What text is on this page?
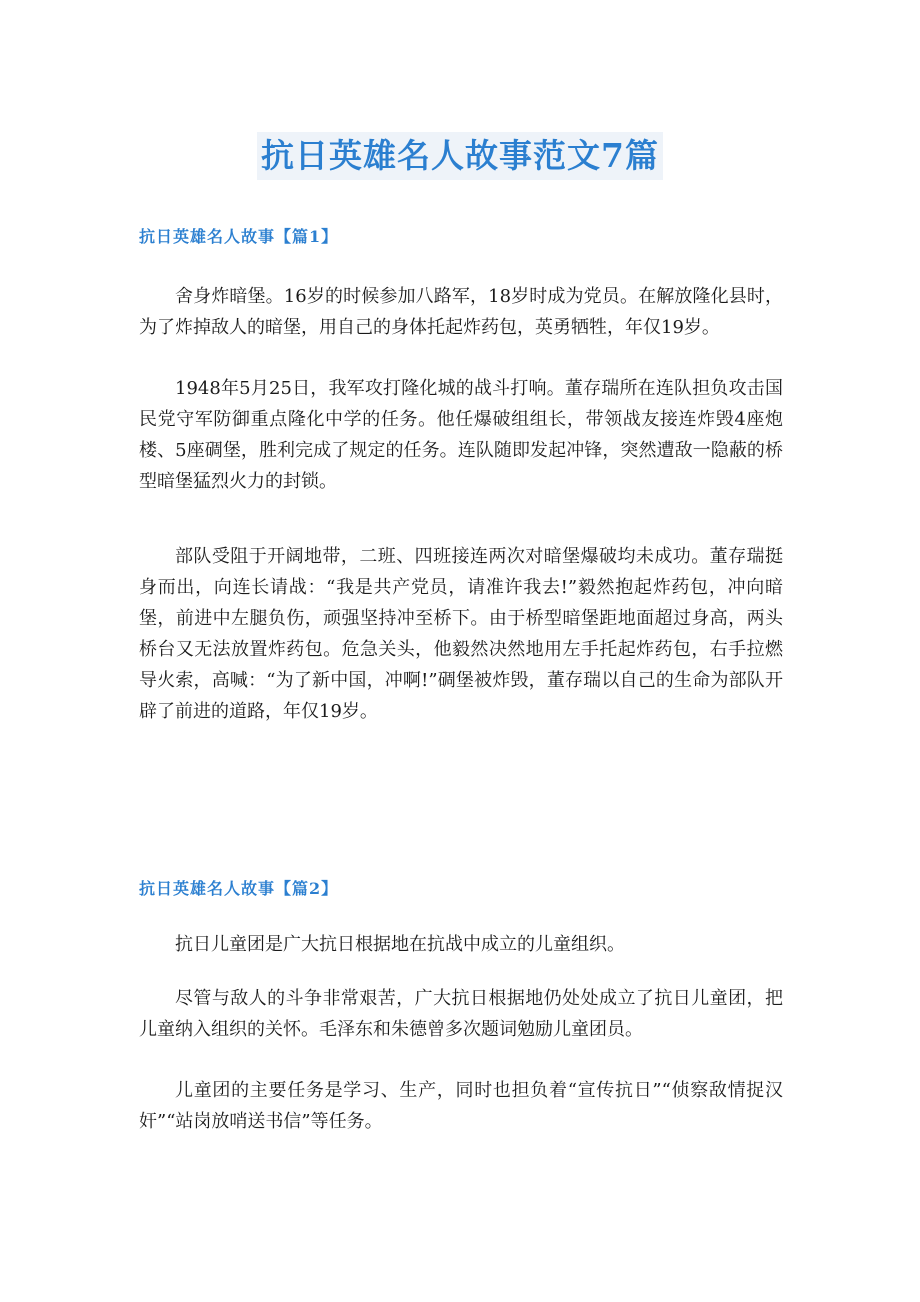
抗日英雄名人故事范文7篇
抗日英雄名人故事【篇1】

舍身炸暗堡。16岁的时候参加八路军，18岁时成为党员。在解放隆化县时，为了炸掉敌人的暗堡，用自己的身体托起炸药包，英勇牺牲，年仅19岁。

1948年5月25日，我军攻打隆化城的战斗打响。董存瑞所在连队担负攻击国民党守军防御重点隆化中学的任务。他任爆破组组长，带领战友接连炸毁4座炮楼、5座碉堡，胜利完成了规定的任务。连队随即发起冲锋，突然遭敌一隐蔽的桥型暗堡猛烈火力的封锁。

部队受阻于开阔地带，二班、四班接连两次对暗堡爆破均未成功。董存瑞挺身而出，向连长请战：“我是共产党员，请准许我去!”毅然抱起炸药包，冲向暗堡，前进中左腿负伤，顽强坚持冲至桥下。由于桥型暗堡距地面超过身高，两头桥台又无法放置炸药包。危急关头，他毅然决然地用左手托起炸药包，右手拉燃导火索，高喊：“为了新中国，冲啊!”碉堡被炸毁，董存瑞以自己的生命为部队开辟了前进的道路，年仅19岁。

抗日英雄名人故事【篇2】

抗日儿童团是广大抗日根据地在抗战中成立的儿童组织。

尽管与敌人的斗争非常艰苦，广大抗日根据地仍处处成立了抗日儿童团，把儿童纳入组织的关怀。毛泽东和朱德曾多次题词勉励儿童团员。

儿童团的主要任务是学习、生产，同时也担负着“宣传抗日”“侦察敌情捉汉奸”“站岗放哨送书信”等任务。
